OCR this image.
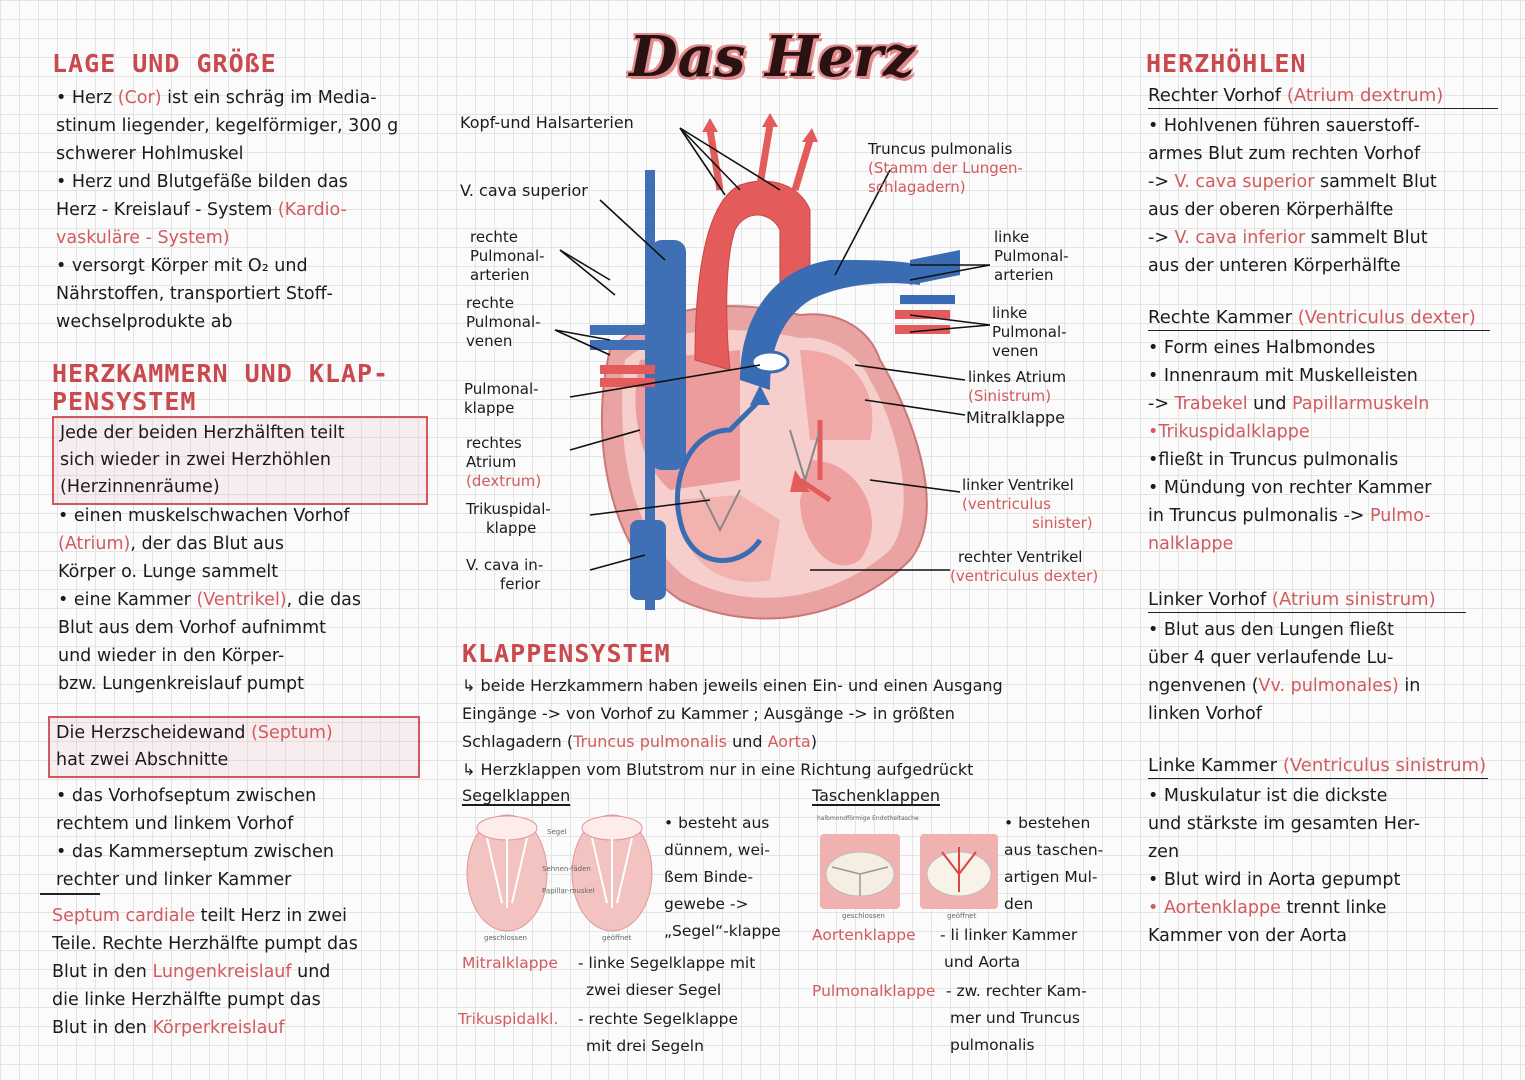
Das Herz
LAGE UND GRÖßE

• Herz (Cor) ist ein schräg im Media-

stinum liegender, kegelförmiger, 300 g

schwerer Hohlmuskel

• Herz und Blutgefäße bilden das

Herz - Kreislauf - System (Kardio-

vaskuläre - System)

• versorgt Körper mit O₂ und

Nährstoffen, transportiert Stoff-

wechselprodukte ab

HERZKAMMERN UND KLAP-
PENSYSTEM

Jede der beiden Herzhälften teilt

sich wieder in zwei Herzhöhlen

(Herzinnenräume)

• einen muskelschwachen Vorhof

(Atrium), der das Blut aus

Körper o. Lunge sammelt

• eine Kammer (Ventrikel), die das

Blut aus dem Vorhof aufnimmt

und wieder in den Körper-

bzw. Lungenkreislauf pumpt

Die Herzscheidewand (Septum)

hat zwei Abschnitte

• das Vorhofseptum zwischen

rechtem und linkem Vorhof

• das Kammerseptum zwischen

rechter und linker Kammer

Septum cardiale teilt Herz in zwei

Teile. Rechte Herzhälfte pumpt das

Blut in den Lungenkreislauf und

die linke Herzhälfte pumpt das

Blut in den Körperkreislauf

Kopf-und Halsarterien
V. cava superior
rechte
Pulmonal-
arterien
rechte
Pulmonal-
venen
Pulmonal-
klappe
rechtes
Atrium
(dextrum)
Trikuspidal-
klappe
V. cava in-
ferior
Truncus pulmonalis
(Stamm der Lungen-
schlagadern)
linke
Pulmonal-
arterien
linke
Pulmonal-
venen
linkes Atrium
(Sinistrum)
Mitralklappe
linker Ventrikel
(ventriculus
sinister)
rechter Ventrikel
(ventriculus dexter)
KLAPPENSYSTEM

↳ beide Herzkammern haben jeweils einen Ein- und einen Ausgang

Eingänge -> von Vorhof zu Kammer ; Ausgänge -> in größten

Schlagadern (Truncus pulmonalis und Aorta)

↳ Herzklappen vom Blutstrom nur in eine Richtung aufgedrückt

Segelklappen
Segel
Sehnen-fäden
Papillar-muskel
geschlossen	geöffnet

• besteht aus

dünnem, wei-

ßem Binde-

gewebe ->

„Segel“-klappe

Mitralklappe - linke Segelklappe mit

zwei dieser Segel

Trikuspidalkl. - rechte Segelklappe

mit drei Segeln

Taschenklappen
halbmondförmige Endotheltasche
geschlossen	geöffnet

• bestehen

aus taschen-

artigen Mul-

den

Aortenklappe - li linker Kammer

und Aorta

Pulmonalklappe - zw. rechter Kam-

mer und Truncus

pulmonalis

HERZHÖHLEN
Rechter Vorhof (Atrium dextrum)

• Hohlvenen führen sauerstoff-

armes Blut zum rechten Vorhof

-> V. cava superior sammelt Blut

aus der oberen Körperhälfte

-> V. cava inferior sammelt Blut

aus der unteren Körperhälfte

Rechte Kammer (Ventriculus dexter)

• Form eines Halbmondes

• Innenraum mit Muskelleisten

-> Trabekel und Papillarmuskeln

•Trikuspidalklappe

•fließt in Truncus pulmonalis

• Mündung von rechter Kammer

in Truncus pulmonalis -> Pulmo-

nalklappe

Linker Vorhof (Atrium sinistrum)

• Blut aus den Lungen fließt

über 4 quer verlaufende Lu-

ngenvenen (Vv. pulmonales) in

linken Vorhof

Linke Kammer (Ventriculus sinistrum)

• Muskulatur ist die dickste

und stärkste im gesamten Her-

zen

• Blut wird in Aorta gepumpt

• Aortenklappe trennt linke

Kammer von der Aorta
